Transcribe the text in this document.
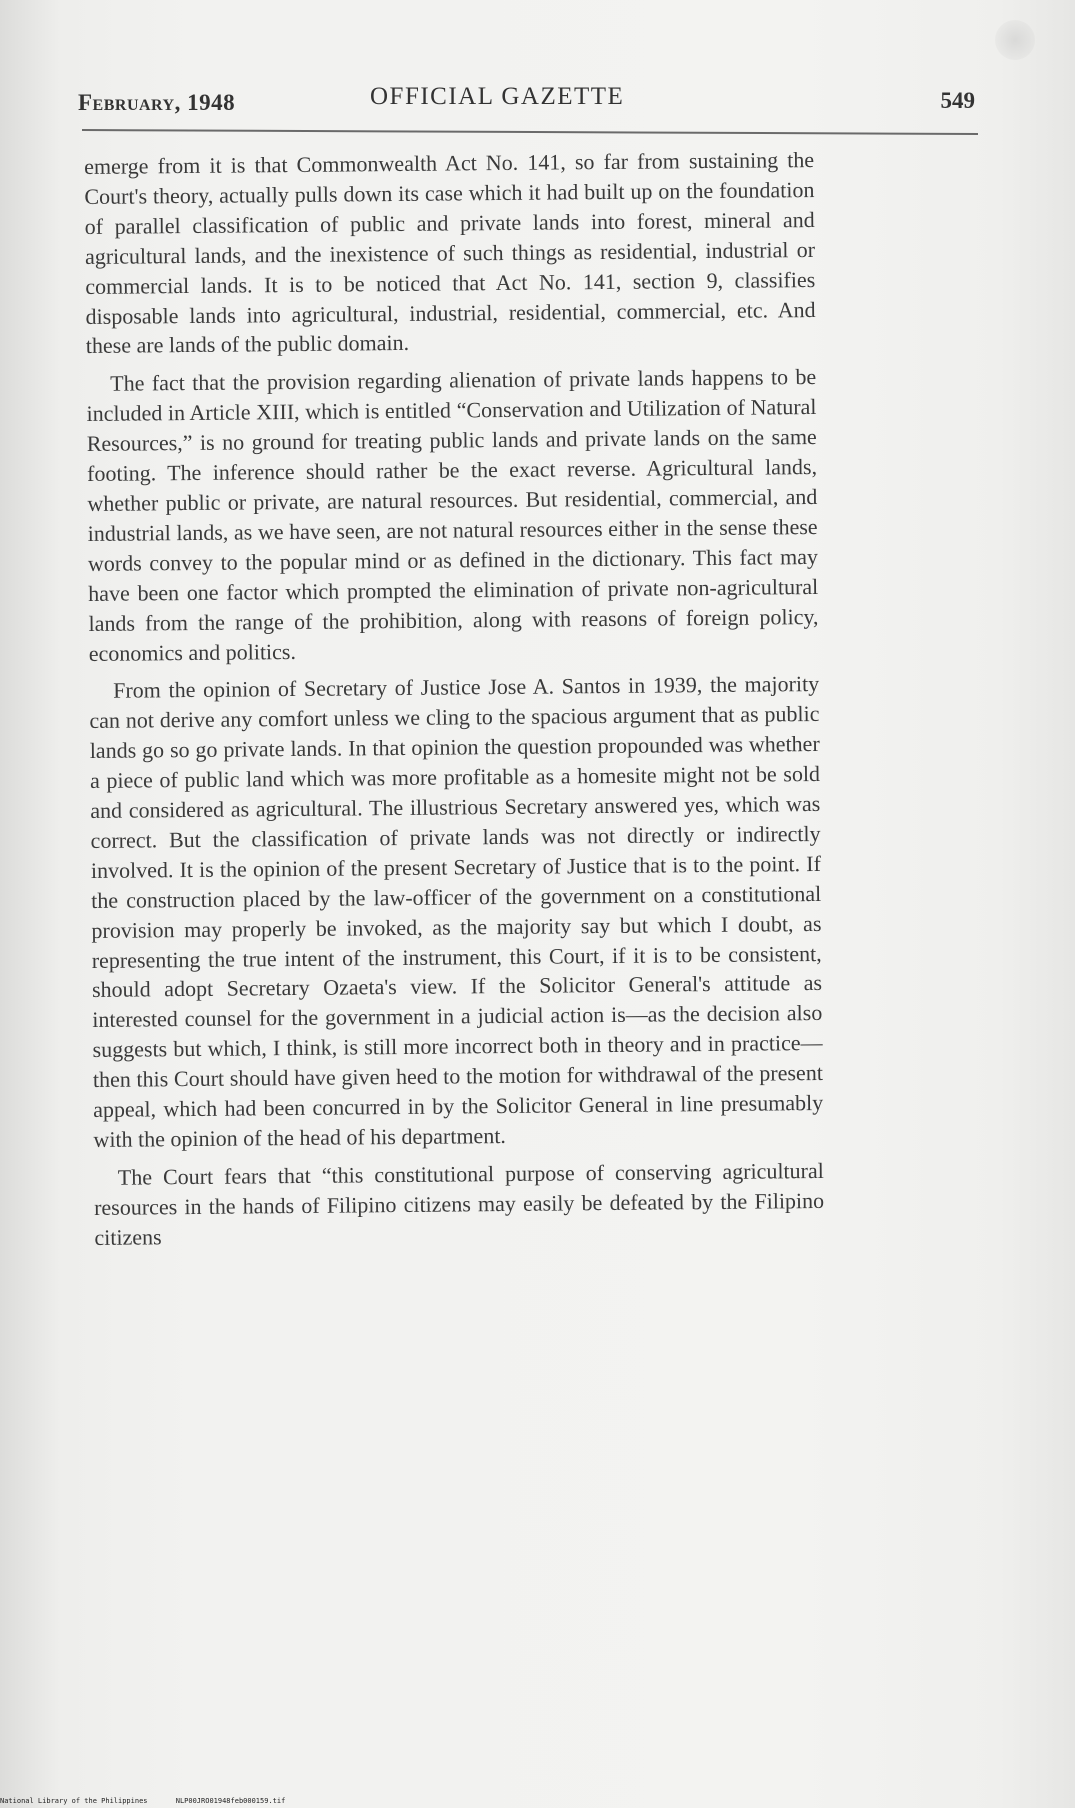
February, 1948	OFFICIAL GAZETTE	549

emerge from it is that Commonwealth Act No. 141, so far from sustaining the Court's theory, actually pulls down its case which it had built up on the foundation of parallel classification of public and private lands into forest, mineral and agricultural lands, and the inexistence of such things as residential, industrial or commercial lands. It is to be noticed that Act No. 141, section 9, classifies disposable lands into agricultural, industrial, residential, commercial, etc. And these are lands of the public domain.

The fact that the provision regarding alienation of private lands happens to be included in Article XIII, which is entitled “Conservation and Utilization of Natural Resources,” is no ground for treating public lands and private lands on the same footing. The inference should rather be the exact reverse. Agricultural lands, whether public or private, are natural resources. But residential, commercial, and industrial lands, as we have seen, are not natural resources either in the sense these words convey to the popular mind or as defined in the dictionary. This fact may have been one factor which prompted the elimination of private non-agricultural lands from the range of the prohibition, along with reasons of foreign policy, economics and politics.

From the opinion of Secretary of Justice Jose A. Santos in 1939, the majority can not derive any comfort unless we cling to the spacious argument that as public lands go so go private lands. In that opinion the question propounded was whether a piece of public land which was more profitable as a homesite might not be sold and considered as agricultural. The illustrious Secretary answered yes, which was correct. But the classification of private lands was not directly or indirectly involved. It is the opinion of the present Secretary of Justice that is to the point. If the construction placed by the law-officer of the government on a constitutional provision may properly be invoked, as the majority say but which I doubt, as representing the true intent of the instrument, this Court, if it is to be consistent, should adopt Secretary Ozaeta's view. If the Solicitor General's attitude as interested counsel for the government in a judicial action is—as the decision also suggests but which, I think, is still more incorrect both in theory and in practice—then this Court should have given heed to the motion for withdrawal of the present appeal, which had been concurred in by the Solicitor General in line presumably with the opinion of the head of his department.

The Court fears that “this constitutional purpose of conserving agricultural resources in the hands of Filipino citizens may easily be defeated by the Filipino citizens

National Library of the Philippines	NLP00JRO01948feb000159.tif
